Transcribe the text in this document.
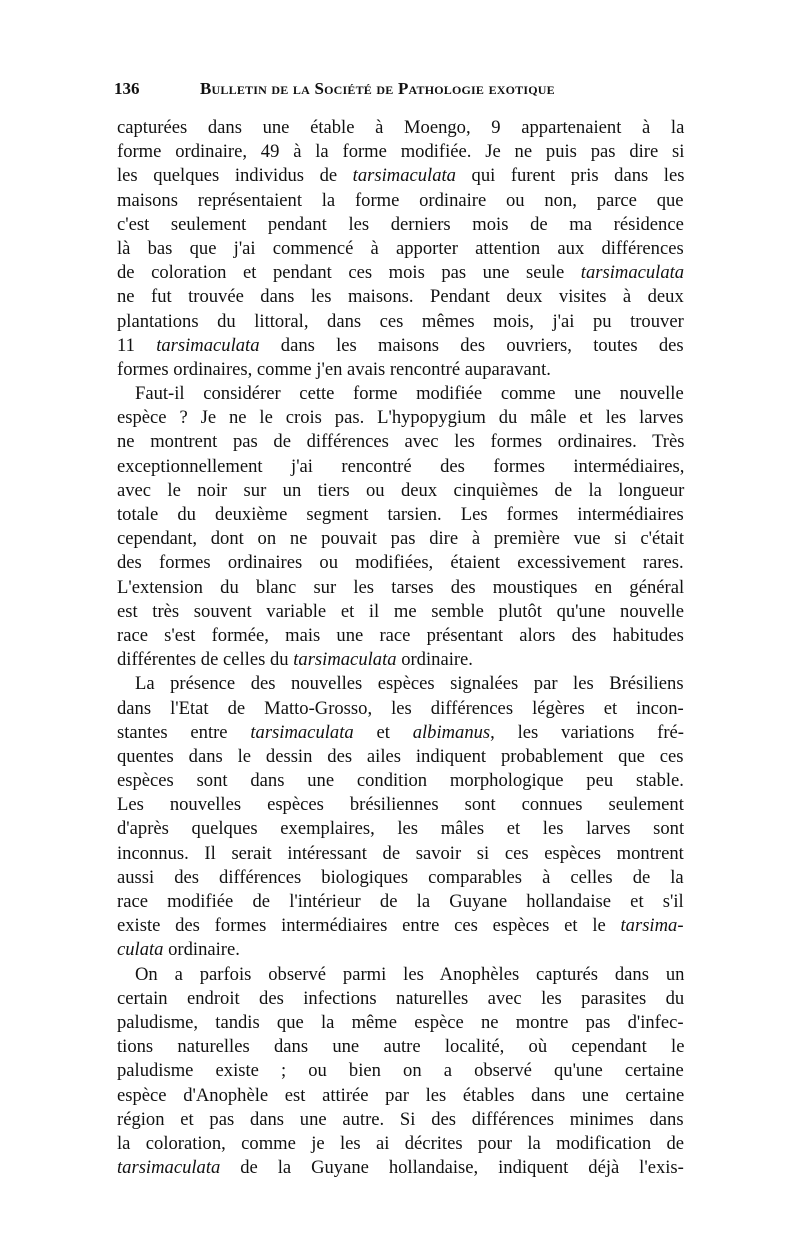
136	Bulletin de la Société de Pathologie exotique
capturées dans une étable à Moengo, 9 appartenaient à la
forme ordinaire, 49 à la forme modifiée. Je ne puis pas dire si
les quelques individus de tarsimaculata qui furent pris dans les
maisons représentaient la forme ordinaire ou non, parce que
c'est seulement pendant les derniers mois de ma résidence
là bas que j'ai commencé à apporter attention aux différences
de coloration et pendant ces mois pas une seule tarsimaculata
ne fut trouvée dans les maisons. Pendant deux visites à deux
plantations du littoral, dans ces mêmes mois, j'ai pu trouver
11 tarsimaculata dans les maisons des ouvriers, toutes des
formes ordinaires, comme j'en avais rencontré auparavant.
Faut-il considérer cette forme modifiée comme une nouvelle
espèce ? Je ne le crois pas. L'hypopygium du mâle et les larves
ne montrent pas de différences avec les formes ordinaires. Très
exceptionnellement j'ai rencontré des formes intermédiaires,
avec le noir sur un tiers ou deux cinquièmes de la longueur
totale du deuxième segment tarsien. Les formes intermédiaires
cependant, dont on ne pouvait pas dire à première vue si c'était
des formes ordinaires ou modifiées, étaient excessivement rares.
L'extension du blanc sur les tarses des moustiques en général
est très souvent variable et il me semble plutôt qu'une nouvelle
race s'est formée, mais une race présentant alors des habitudes
différentes de celles du tarsimaculata ordinaire.
La présence des nouvelles espèces signalées par les Brésiliens
dans l'Etat de Matto-Grosso, les différences légères et incon-
stantes entre tarsimaculata et albimanus, les variations fré-
quentes dans le dessin des ailes indiquent probablement que ces
espèces sont dans une condition morphologique peu stable.
Les nouvelles espèces brésiliennes sont connues seulement
d'après quelques exemplaires, les mâles et les larves sont
inconnus. Il serait intéressant de savoir si ces espèces montrent
aussi des différences biologiques comparables à celles de la
race modifiée de l'intérieur de la Guyane hollandaise et s'il
existe des formes intermédiaires entre ces espèces et le tarsima-
culata ordinaire.
On a parfois observé parmi les Anophèles capturés dans un
certain endroit des infections naturelles avec les parasites du
paludisme, tandis que la même espèce ne montre pas d'infec-
tions naturelles dans une autre localité, où cependant le
paludisme existe ; ou bien on a observé qu'une certaine
espèce d'Anophèle est attirée par les étables dans une certaine
région et pas dans une autre. Si des différences minimes dans
la coloration, comme je les ai décrites pour la modification de
tarsimaculata de la Guyane hollandaise, indiquent déjà l'exis-
